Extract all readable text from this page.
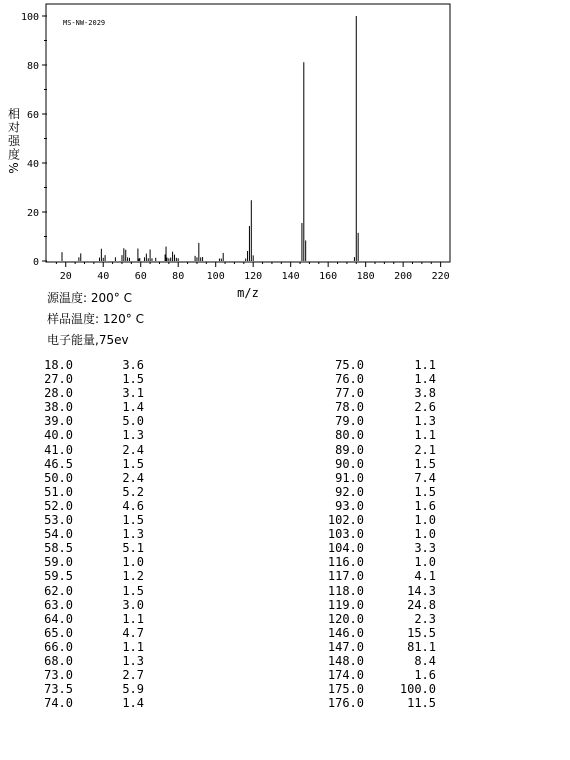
MS-NW-2029
相
对
强
度
%
0
20
40
60
80
100
20	40	60	80 100 120 140 160 180 200 220
m/z
源温度: 200° C
样品温度: 120° C
电子能量,75ev
18.0	3.6
27.0	1.5
28.0	3.1
38.0	1.4
39.0	5.0
40.0	1.3
41.0	2.4
46.5	1.5
50.0	2.4
51.0	5.2
52.0	4.6
53.0	1.5
54.0	1.3
58.5	5.1
59.0	1.0
59.5	1.2
62.0	1.5
63.0	3.0
64.0	1.1
65.0	4.7
66.0	1.1
68.0	1.3
73.0	2.7
73.5	5.9
74.0	1.4
75.0	1.1
76.0	1.4
77.0	3.8
78.0	2.6
79.0	1.3
80.0	1.1
89.0	2.1
90.0	1.5
91.0	7.4
92.0	1.5
93.0	1.6
102.0	1.0
103.0	1.0
104.0	3.3
116.0	1.0
117.0	4.1
118.0	14.3
119.0	24.8
120.0	2.3
146.0	15.5
147.0	81.1
148.0	8.4
174.0	1.6
175.0	100.0
176.0	11.5
